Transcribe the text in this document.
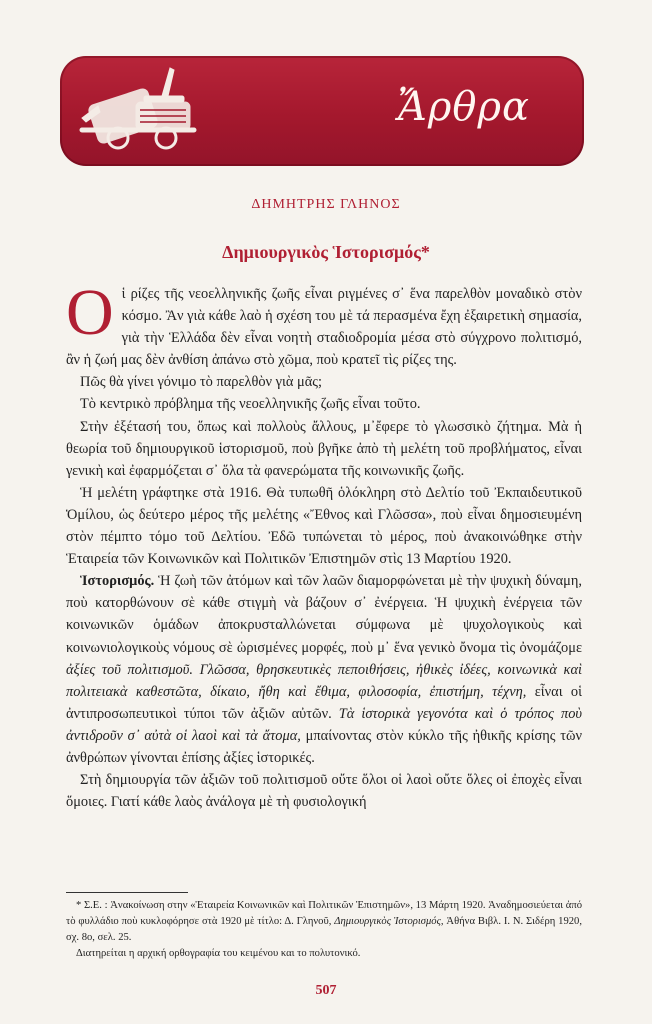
Ἄρθρα
ΔΗΜΗΤΡΗΣ ΓΛΗΝΟΣ
Δημιουργικὸς Ἱστορισμός*

Οἱ ρίζες τῆς νεοελληνικῆς ζωῆς εἶναι ριγμένες σ᾽ ἕνα παρελθὸν μοναδικὸ στὸν κόσμο. Ἂν γιὰ κάθε λαὸ ἡ σχέση του μὲ τά περασμένα ἔχη ἐξαιρετικὴ σημασία, γιὰ τὴν Ἑλλάδα δὲν εἶναι νοητὴ σταδιοδρομία μέσα στὸ σύγχρονο πολιτισμό, ἂν ἡ ζωή μας δὲν ἀνθίση ἀπάνω στὸ χῶμα, ποὺ κρατεῖ τὶς ρίζες της.

Πῶς θὰ γίνει γόνιμο τὸ παρελθὸν γιὰ μᾶς;

Τὸ κεντρικὸ πρόβλημα τῆς νεοελληνικῆς ζωῆς εἶναι τοῦτο.

Στὴν ἐξέτασή του, ὅπως καὶ πολλοὺς ἄλλους, μ᾽ἔφερε τὸ γλωσσικὸ ζήτημα. Μὰ ἡ θεωρία τοῦ δημιουργικοῦ ἱστορισμοῦ, ποὺ βγῆκε ἀπὸ τὴ μελέτη τοῦ προβλήματος, εἶναι γενικὴ καὶ ἐφαρμόζεται σ᾽ ὅλα τὰ φανερώματα τῆς κοινωνικῆς ζωῆς.

Ἡ μελέτη γράφτηκε στὰ 1916. Θὰ τυπωθῆ ὁλόκληρη στὸ Δελτίο τοῦ Ἐκπαιδευτικοῦ Ὁμίλου, ὡς δεύτερο μέρος τῆς μελέτης «Ἔθνος καὶ Γλῶσσα», ποὺ εἶναι δημοσιευμένη στὸν πέμπτο τόμο τοῦ Δελτίου. Ἐδῶ τυπώνεται τὸ μέρος, ποὺ ἀνακοινώθηκε στὴν Ἑταιρεία τῶν Κοινωνικῶν καὶ Πολιτικῶν Ἐπιστημῶν στὶς 13 Μαρτίου 1920.

Ἱστορισμός. Ἡ ζωὴ τῶν ἀτόμων καὶ τῶν λαῶν διαμορφώνεται μὲ τὴν ψυχικὴ δύναμη, ποὺ κατορθώνουν σὲ κάθε στιγμὴ νὰ βάζουν σ᾽ ἐνέργεια. Ἡ ψυχικὴ ἐνέργεια τῶν κοινωνικῶν ὁμάδων ἀποκρυσταλλώνεται σύμφωνα μὲ ψυχολογικοὺς καὶ κοινωνιολογικοὺς νόμους σὲ ὡρισμένες μορφές, ποὺ μ᾽ ἕνα γενικὸ ὄνομα τὶς ὀνομάζομε ἀξίες τοῦ πολιτισμοῦ. Γλῶσσα, θρησκευτικὲς πεποιθήσεις, ἠθικὲς ἰδέες, κοινωνικὰ καὶ πολιτειακὰ καθεστῶτα, δίκαιο, ἤθη καὶ ἔθιμα, φιλοσοφία, ἐπιστήμη, τέχνη, εἶναι οἱ ἀντιπροσωπευτικοὶ τύποι τῶν ἀξιῶν αὐτῶν. Τὰ ἱστορικὰ γεγονότα καὶ ὁ τρόπος ποὺ ἀντιδροῦν σ᾽ αὐτὰ οἱ λαοὶ καὶ τὰ ἄτομα, μπαίνοντας στὸν κύκλο τῆς ἠθικῆς κρίσης τῶν ἀνθρώπων γίνονται ἐπίσης ἀξίες ἱστορικές.

Στὴ δημιουργία τῶν ἀξιῶν τοῦ πολιτισμοῦ οὔτε ὅλοι οἱ λαοὶ οὔτε ὅλες οἱ ἐποχὲς εἶναι ὅμοιες. Γιατί κάθε λαὸς ἀνάλογα μὲ τὴ φυσιολογική

* Σ.Ε. : Ἀνακοίνωση στην «Ἑταιρεία Κοινωνικῶν καὶ Πολιτικῶν Ἐπιστημῶν», 13 Μάρτη 1920. Ἀναδημοσιεύεται ἀπό τὸ φυλλάδιο ποὺ κυκλοφόρησε στὰ 1920 μὲ τίτλο: Δ. Γληνοῦ, Δημιουργικὸς Ἱστορισμός, Ἀθήνα Βιβλ. Ι. Ν. Σιδέρη 1920, σχ. 8ο, σελ. 25.

Διατηρείται η αρχική ορθογραφία του κειμένου και το πολυτονικό.

507
